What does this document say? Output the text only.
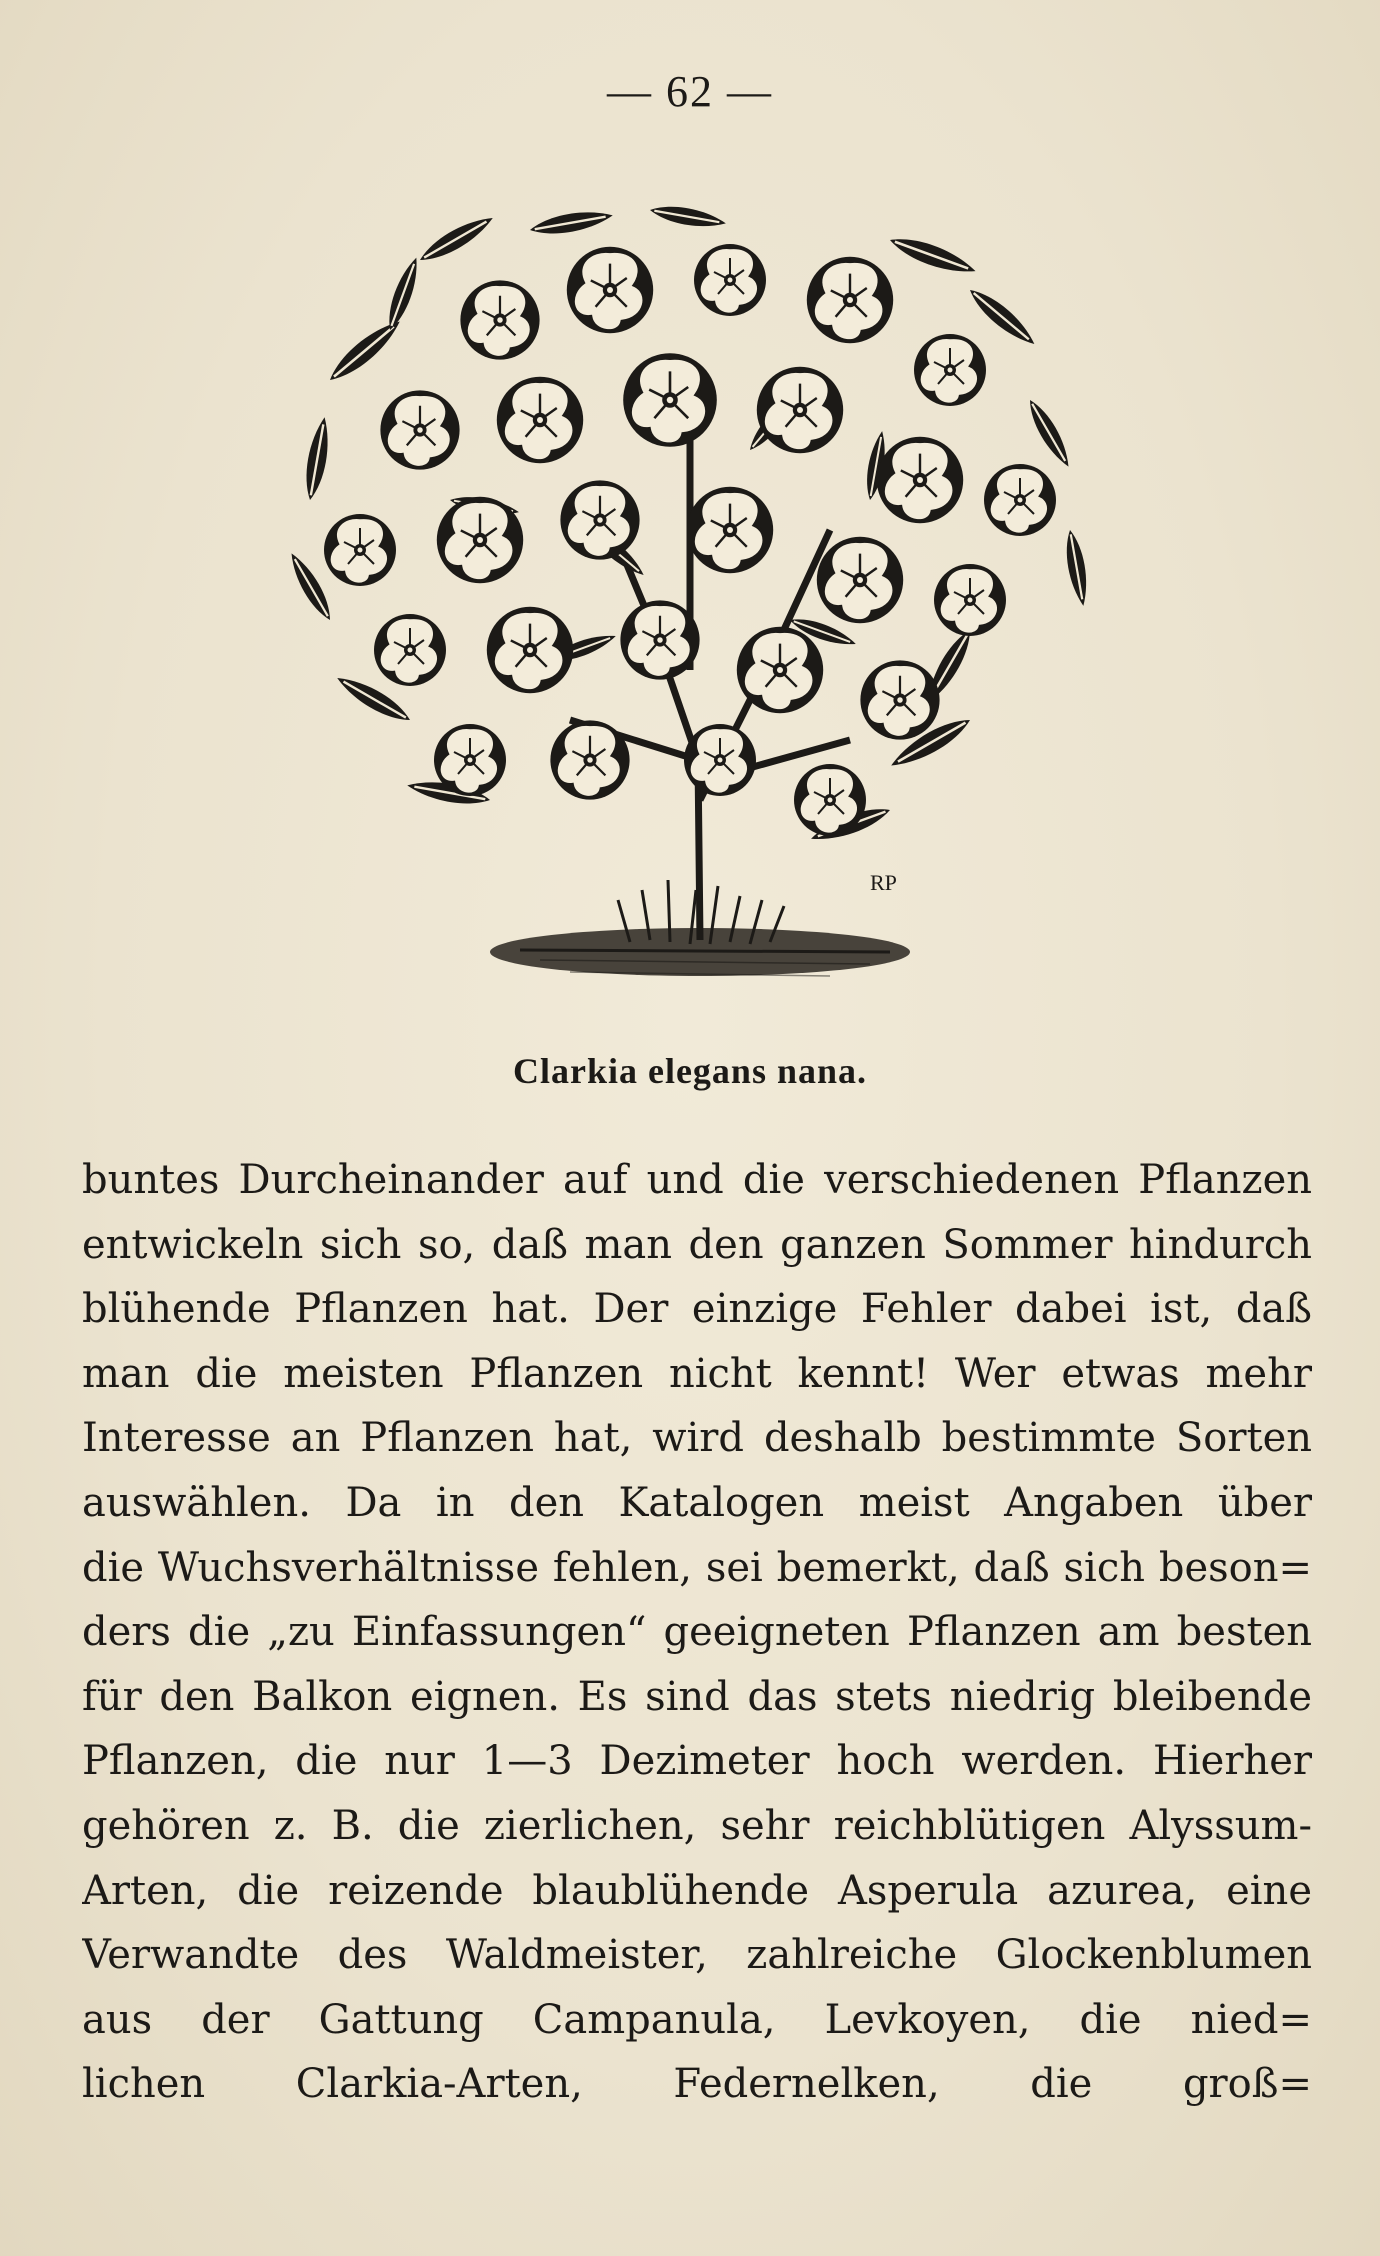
— 62 —
RP
Clarkia elegans nana.
buntes Durcheinander auf und die verschiedenen Pflanzen
entwickeln sich so, daß man den ganzen Sommer hindurch
blühende Pflanzen hat. Der einzige Fehler dabei ist, daß
man die meisten Pflanzen nicht kennt! Wer etwas mehr
Interesse an Pflanzen hat, wird deshalb bestimmte Sorten
auswählen. Da in den Katalogen meist Angaben über
die Wuchsverhältnisse fehlen, sei bemerkt, daß sich beson=
ders die „zu Einfassungen“ geeigneten Pflanzen am besten
für den Balkon eignen. Es sind das stets niedrig bleibende
Pflanzen, die nur 1—3 Dezimeter hoch werden. Hierher
gehören z. B. die zierlichen, sehr reichblütigen Alyssum-
Arten, die reizende blaublühende Asperula azurea, eine
Verwandte des Waldmeister, zahlreiche Glockenblumen
aus der Gattung Campanula, Levkoyen, die nied=
lichen Clarkia-Arten, Federnelken, die groß=
